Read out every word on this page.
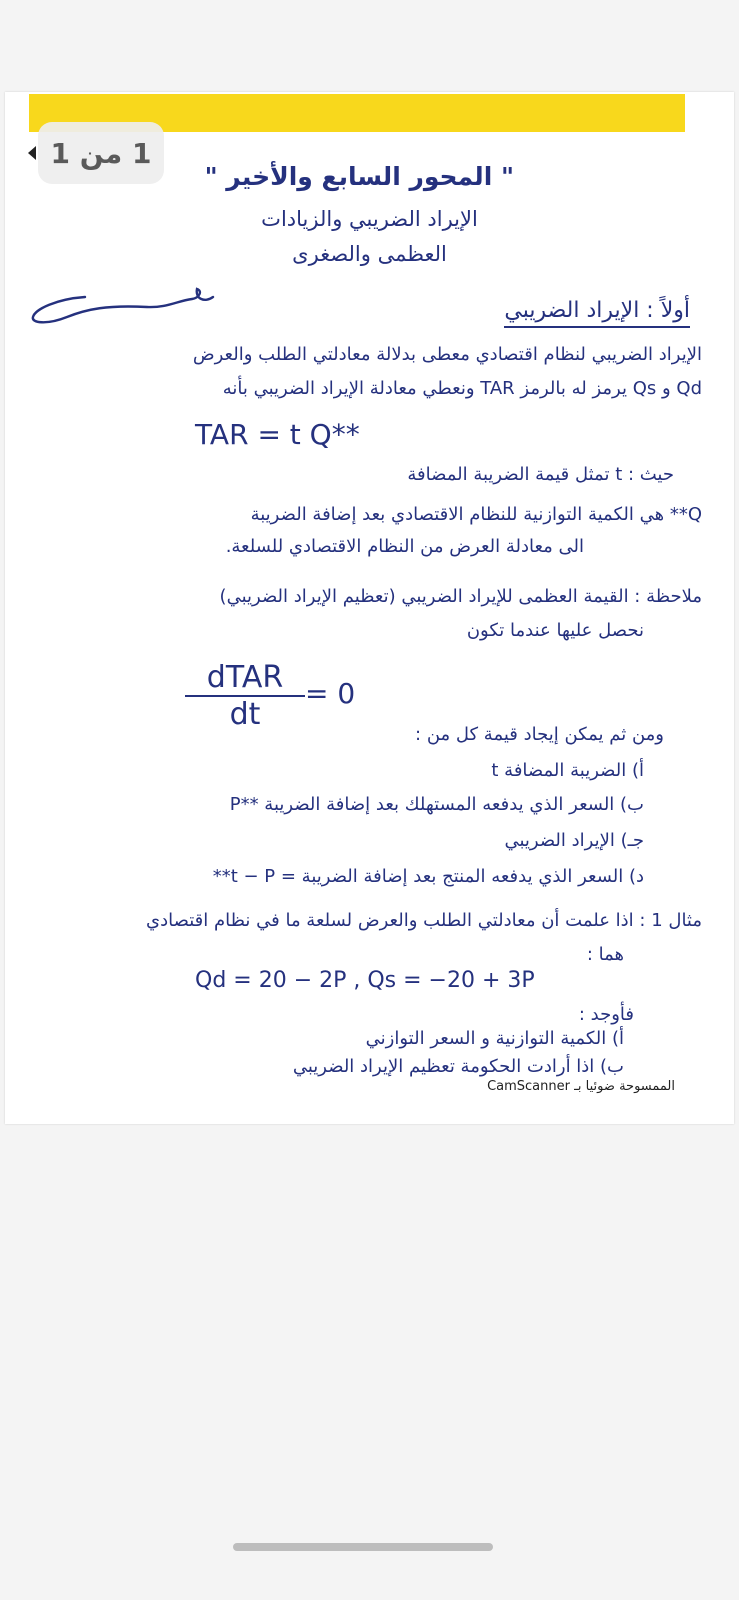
" المحور السابع والأخير "
الإيراد الضريبي والزيادات
العظمى والصغرى
أولاً : الإيراد الضريبي
الإيراد الضريبي لنظام اقتصادي معطى بدلالة معادلتي الطلب والعرض
Qd و Qs يرمز له بالرمز TAR ونعطي معادلة الإيراد الضريبي بأنه
TAR = t Q**
حيث : t تمثل قيمة الضريبة المضافة
Q** هي الكمية التوازنية للنظام الاقتصادي بعد إضافة الضريبة
الى معادلة العرض من النظام الاقتصادي للسلعة.
ملاحظة : القيمة العظمى للإيراد الضريبي (تعظيم الإيراد الضريبي)
نحصل عليها عندما تكون
dTAR
dt
= 0
ومن ثم يمكن إيجاد قيمة كل من :
أ) الضريبة المضافة t
ب) السعر الذي يدفعه المستهلك بعد إضافة الضريبة **P
جـ) الإيراد الضريبي
د) السعر الذي يدفعه المنتج بعد إضافة الضريبة = t − P**
مثال 1 : اذا علمت أن معادلتي الطلب والعرض لسلعة ما في نظام اقتصادي
هما :
Qd = 20 − 2P , Qs = −20 + 3P
فأوجد :
أ) الكمية التوازنية و السعر التوازني
ب) اذا أرادت الحكومة تعظيم الإيراد الضريبي
الممسوحة ضوئيا بـ CamScanner
1 من 1
